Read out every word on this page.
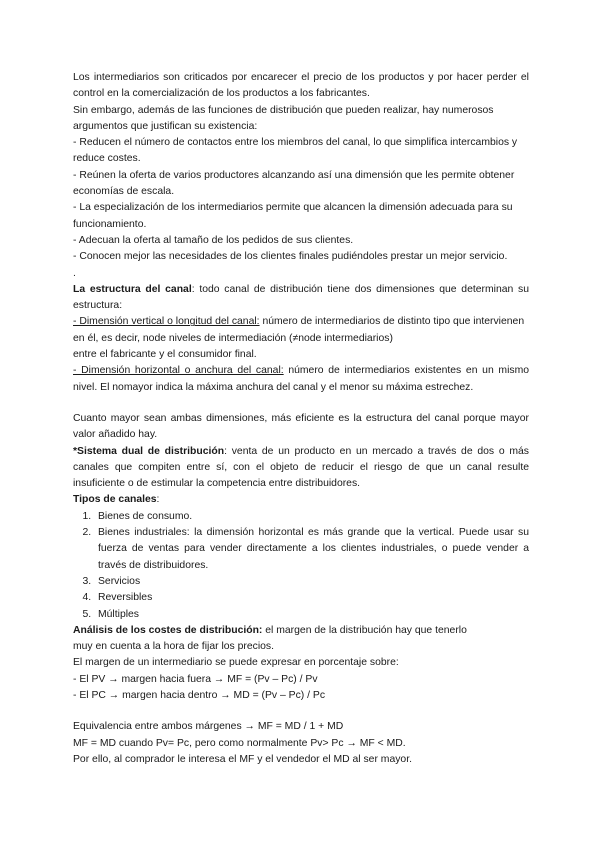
Los intermediarios son criticados por encarecer el precio de los productos y por hacer perder el control en la comercialización de los productos a los fabricantes.

Sin embargo, además de las funciones de distribución que pueden realizar, hay numerosos argumentos que justifican su existencia:

- Reducen el número de contactos entre los miembros del canal, lo que simplifica intercambios y reduce costes.

- Reúnen la oferta de varios productores alcanzando así una dimensión que les permite obtener economías de escala.

- La especialización de los intermediarios permite que alcancen la dimensión adecuada para su funcionamiento.

- Adecuan la oferta al tamaño de los pedidos de sus clientes.

- Conocen mejor las necesidades de los clientes finales pudiéndoles prestar un mejor servicio.

.

La estructura del canal: todo canal de distribución tiene dos dimensiones que determinan su estructura:

- Dimensión vertical o longitud del canal: número de intermediarios de distinto tipo que intervienen en él, es decir, node niveles de intermediación (≠node intermediarios)

entre el fabricante y el consumidor final.

- Dimensión horizontal o anchura del canal: número de intermediarios existentes en un mismo nivel. El nomayor indica la máxima anchura del canal y el menor su máxima estrechez.

Cuanto mayor sean ambas dimensiones, más eficiente es la estructura del canal porque mayor valor añadido hay.

*Sistema dual de distribución: venta de un producto en un mercado a través de dos o más canales que compiten entre sí, con el objeto de reducir el riesgo de que un canal resulte insuficiente o de estimular la competencia entre distribuidores.

Tipos de canales:

1. Bienes de consumo.
2. Bienes industriales: la dimensión horizontal es más grande que la vertical. Puede usar su fuerza de ventas para vender directamente a los clientes industriales, o puede vender a través de distribuidores.
3. Servicios
4. Reversibles
5. Múltiples

Análisis de los costes de distribución: el margen de la distribución hay que tenerlo

muy en cuenta a la hora de fijar los precios.

El margen de un intermediario se puede expresar en porcentaje sobre:

- El PV → margen hacia fuera → MF = (Pv – Pc) / Pv

- El PC → margen hacia dentro → MD = (Pv – Pc) / Pc

Equivalencia entre ambos márgenes → MF = MD / 1 + MD

MF = MD cuando Pv= Pc, pero como normalmente Pv> Pc → MF < MD.

Por ello, al comprador le interesa el MF y el vendedor el MD al ser mayor.
